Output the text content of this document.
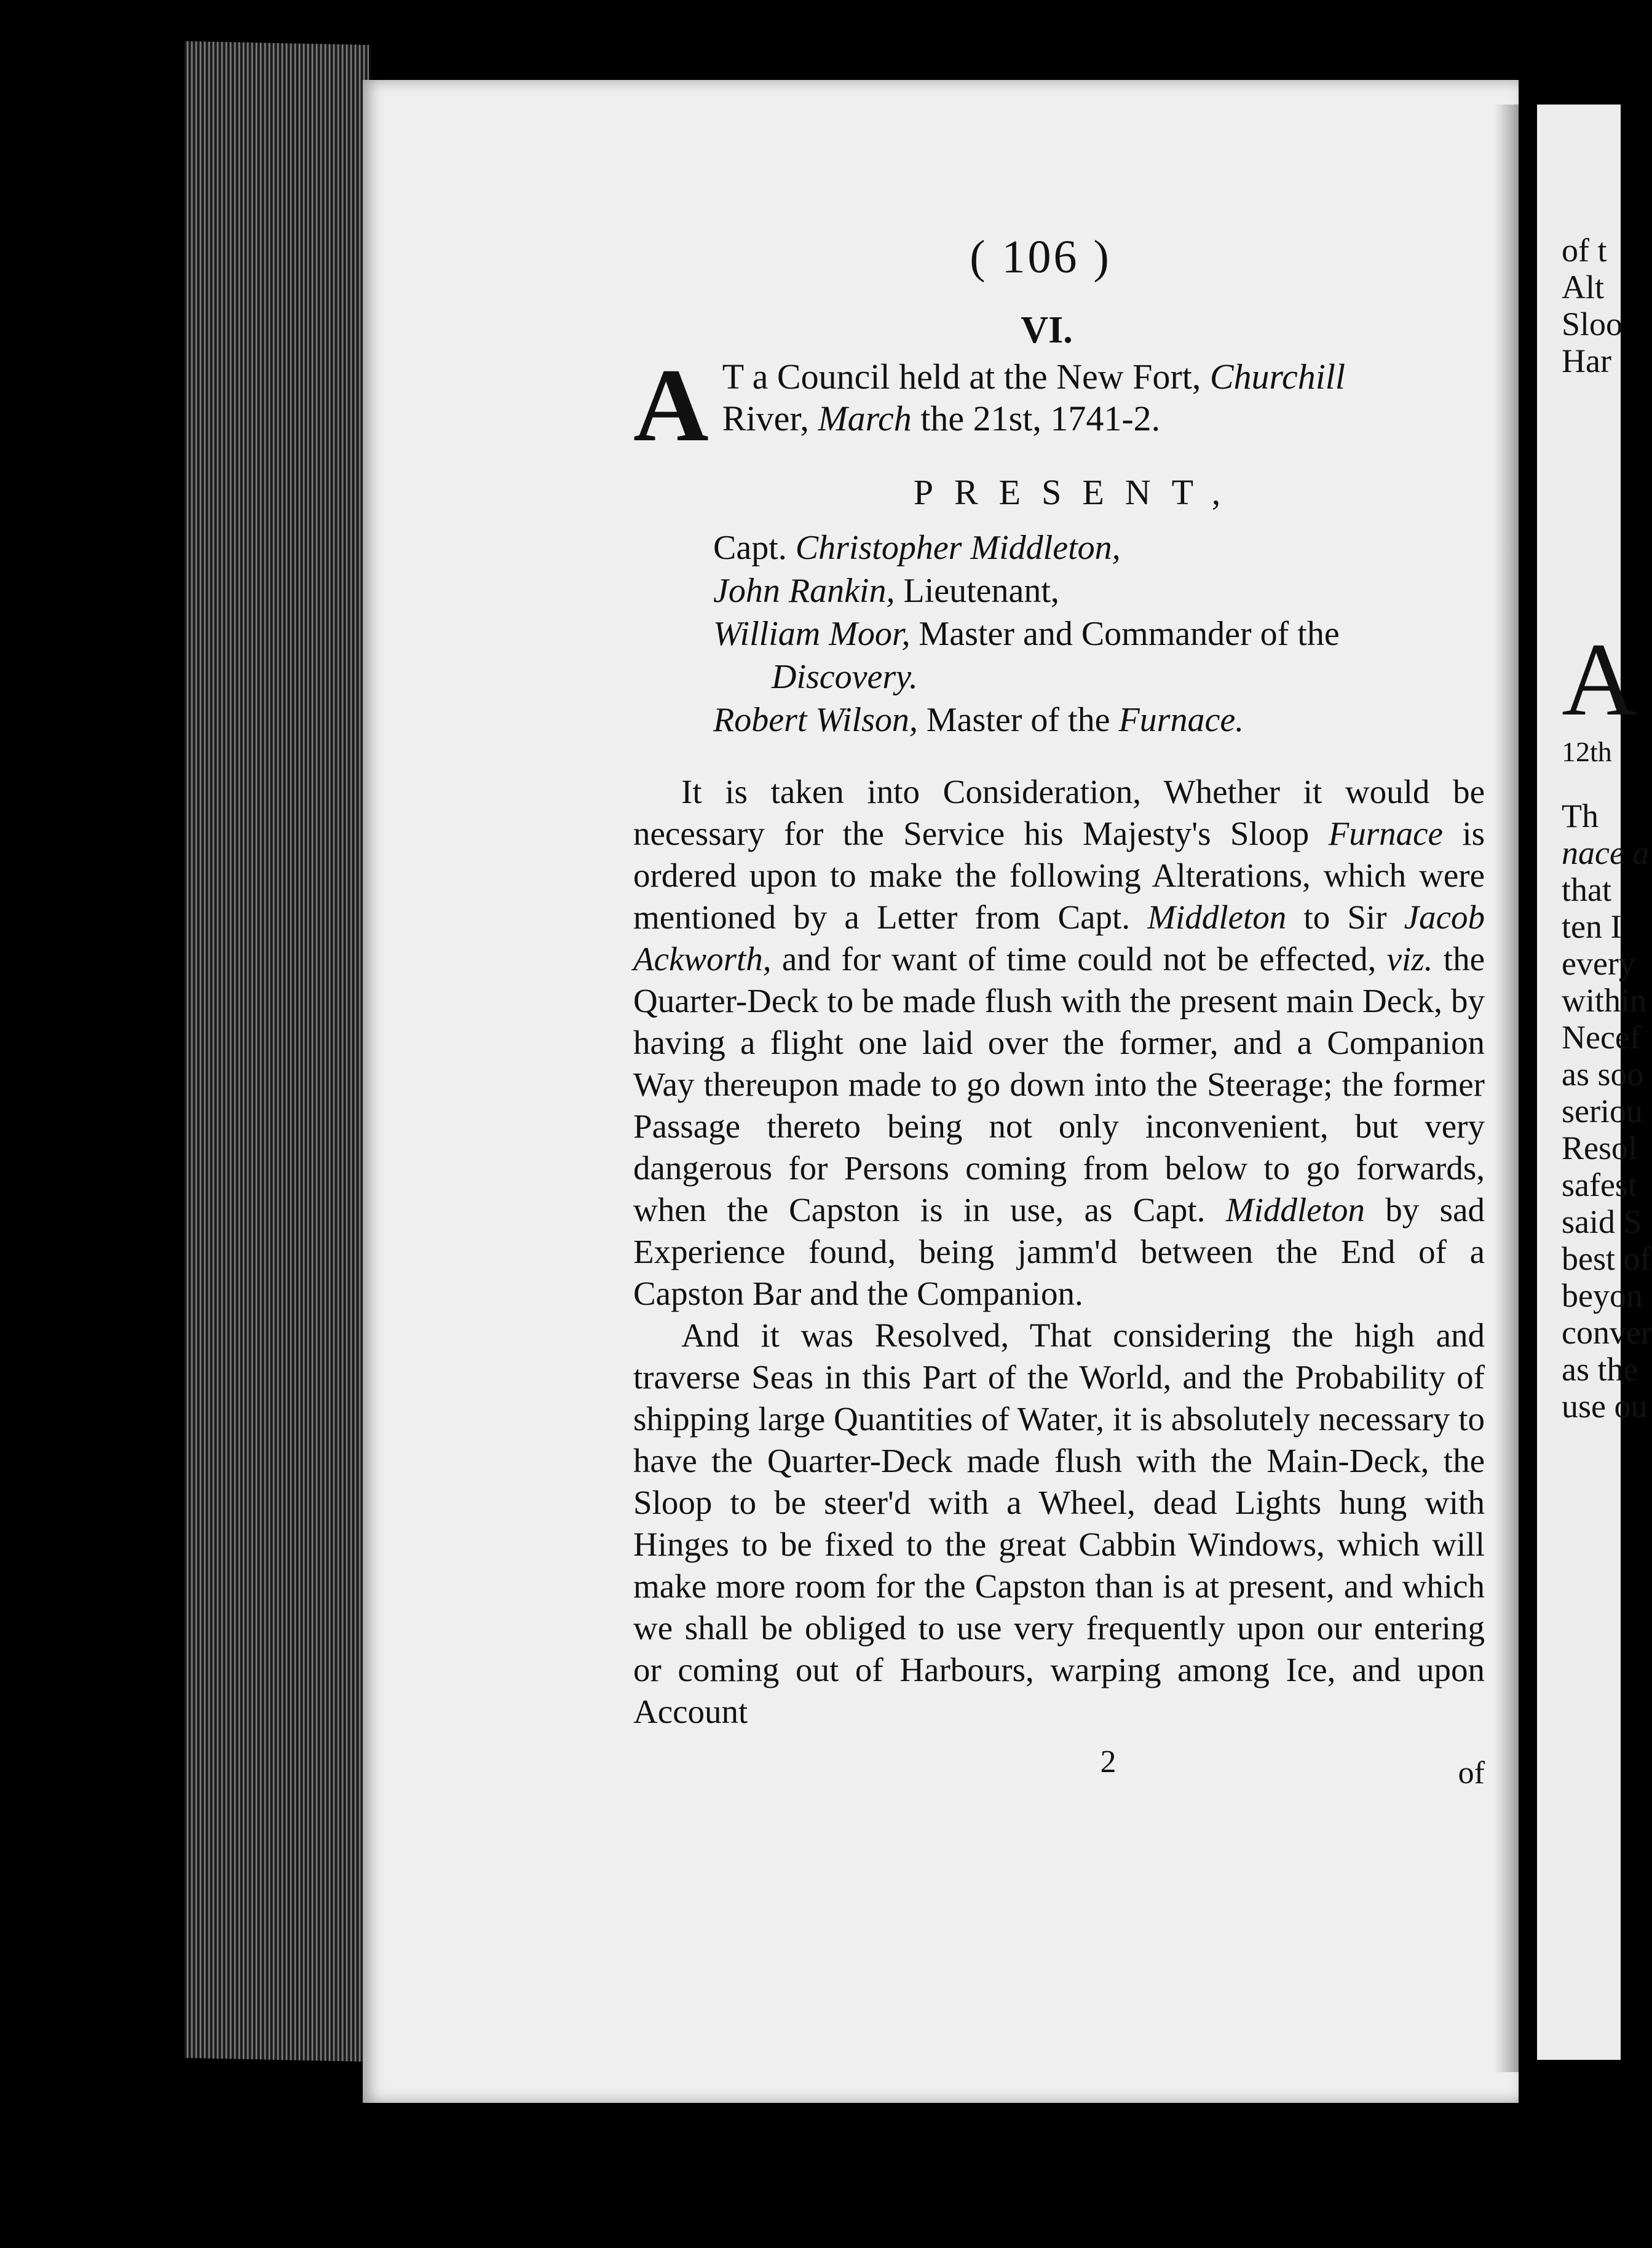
( 106 )
VI.
A T a Council held at the New Fort, Churchill
River, March the 21st, 1741-2.
PRESENT,
Capt. Christopher Middleton,
John Rankin, Lieutenant,
William Moor, Master and Commander of the
Discovery.
Robert Wilson, Master of the Furnace.

It is taken into Consideration, Whether it would be necessary for the Service his Majesty's Sloop Furnace is ordered upon to make the following Alterations, which were mentioned by a Letter from Capt. Middleton to Sir Jacob Ackworth, and for want of time could not be effected, viz. the Quarter-Deck to be made flush with the present main Deck, by having a flight one laid over the former, and a Companion Way thereupon made to go down into the Steerage; the former Passage thereto being not only inconvenient, but very dangerous for Persons coming from below to go forwards, when the Capston is in use, as Capt. Middleton by sad Experience found, being jamm'd between the End of a Capston Bar and the Companion.

And it was Resolved, That considering the high and traverse Seas in this Part of the World, and the Probability of shipping large Quantities of Water, it is absolutely necessary to have the Quarter-Deck made flush with the Main-Deck, the Sloop to be steer'd with a Wheel, dead Lights hung with Hinges to be fixed to the great Cabbin Windows, which will make more room for the Capston than is at present, and which we shall be obliged to use very frequently upon our entering or coming out of Harbours, warping among Ice, and upon Account

2	of
of t
Alt
Sloo
Har
A
12th
Th
nace a
that
ten I
every
within
Necef
as soo
seriou
Resol
safest
said S
best of
beyon
conver
as the
use ou
